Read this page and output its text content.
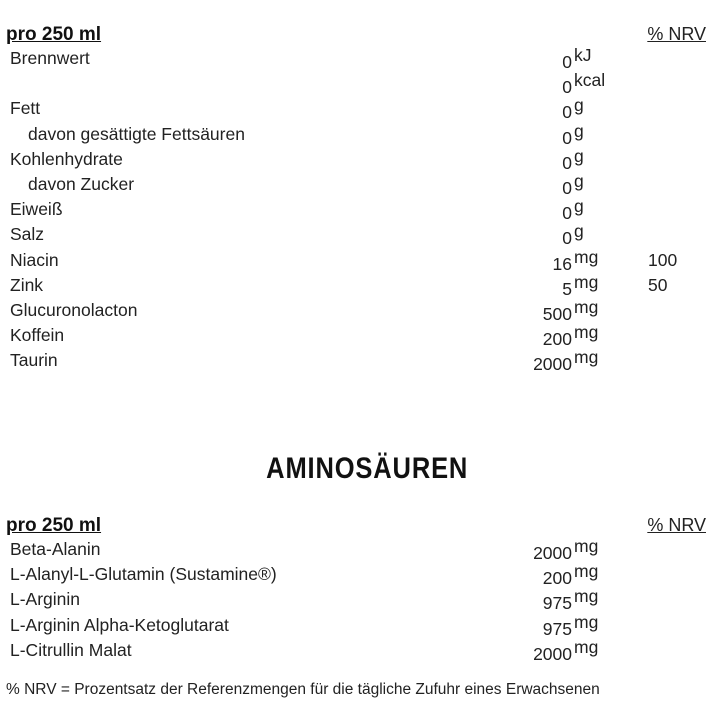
pro 250 ml	% NRV
Brennwert	0 kJ
0 kcal
Fett	0 g
davon gesättigte Fettsäuren	0 g
Kohlenhydrate	0 g
davon Zucker	0 g
Eiweiß	0 g
Salz	0 g
Niacin	16 mg	100
Zink	5 mg	50
Glucuronolacton	500 mg
Koffein	200 mg
Taurin	2000 mg
AMINOSÄUREN
pro 250 ml	% NRV
Beta-Alanin	2000 mg
L-Alanyl-L-Glutamin (Sustamine®)	200 mg
L-Arginin	975 mg
L-Arginin Alpha-Ketoglutarat	975 mg
L-Citrullin Malat	2000 mg
% NRV = Prozentsatz der Referenzmengen für die tägliche Zufuhr eines Erwachsenen
